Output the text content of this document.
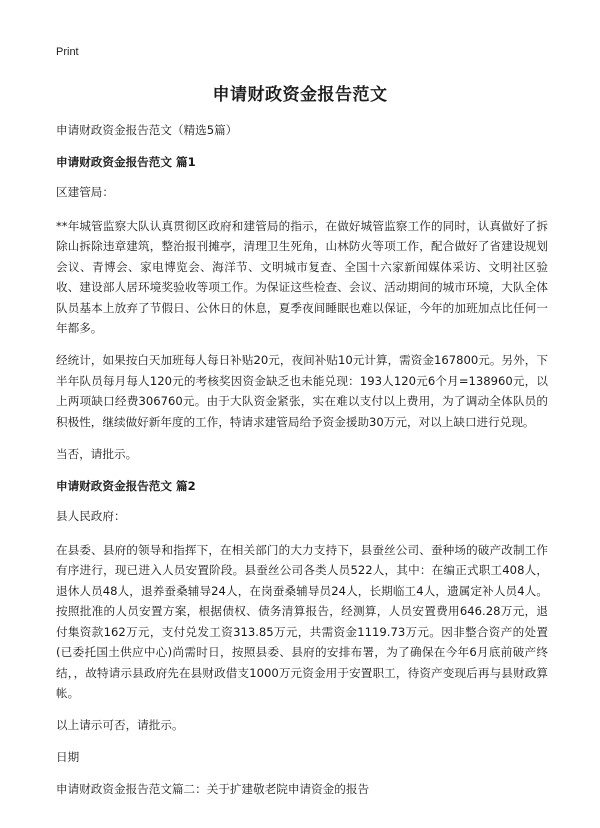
Print
申请财政资金报告范文

申请财政资金报告范文（精选5篇）

申请财政资金报告范文 篇1

区建管局：

**年城管监察大队认真贯彻区政府和建管局的指示，在做好城管监察工作的同时，认真做好了拆除山拆除违章建筑，整治报刊摊亭，清理卫生死角，山林防火等项工作，配合做好了省建设规划会议、青博会、家电博览会、海洋节、文明城市复查、全国十六家新闻媒体采访、文明社区验收、建设部人居环境奖验收等项工作。为保证这些检查、会议、活动期间的城市环境，大队全体队员基本上放弃了节假日、公休日的休息，夏季夜间睡眠也难以保证，今年的加班加点比任何一年都多。

经统计，如果按白天加班每人每日补贴20元，夜间补贴10元计算，需资金167800元。另外，下半年队员每月每人120元的考核奖因资金缺乏也未能兑现：193人120元6个月=138960元，以上两项缺口经费306760元。由于大队资金紧张，实在难以支付以上费用，为了调动全体队员的积极性，继续做好新年度的工作，特请求建管局给予资金援助30万元，对以上缺口进行兑现。

当否，请批示。

申请财政资金报告范文 篇2

县人民政府：

在县委、县府的领导和指挥下，在相关部门的大力支持下，县蚕丝公司、蚕种场的破产改制工作有序进行，现已进入人员安置阶段。县蚕丝公司各类人员522人，其中：在编正式职工408人，退休人员48人，退养蚕桑辅导24人，在岗蚕桑辅导员24人，长期临工4人，遗属定补人员4人。按照批准的人员安置方案，根据债权、债务清算报告，经测算，人员安置费用646.28万元，退付集资款162万元，支付兑发工资313.85万元，共需资金1119.73万元。因非整合资产的处置(已委托国土供应中心)尚需时日，按照县委、县府的安排布署，为了确保在今年6月底前破产终结，，故特请示县政府先在县财政借支1000万元资金用于安置职工，待资产变现后再与县财政算帐。

以上请示可否，请批示。

日期

申请财政资金报告范文篇二：关于扩建敬老院申请资金的报告
